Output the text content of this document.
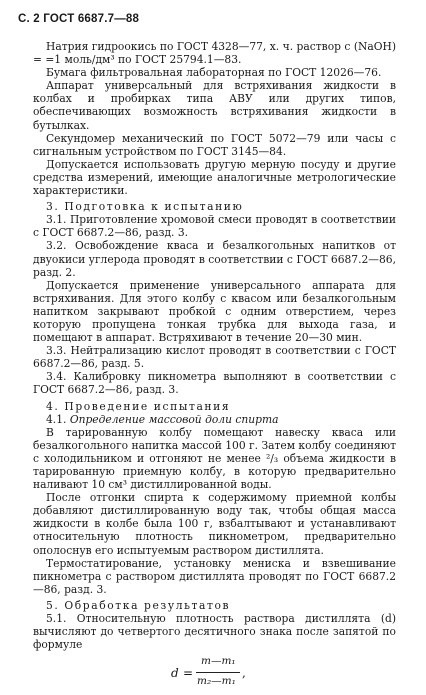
С. 2 ГОСТ 6687.7—88

Натрия гидроокись по ГОСТ 4328—77, х. ч. раствор c (NaOH) = =1 моль/дм³ по ГОСТ 25794.1—83.

Бумага фильтровальная лабораторная по ГОСТ 12026—76.

Аппарат универсальный для встряхивания жидкости в колбах и пробирках типа АВУ или других типов, обеспечивающих возможность встряхивания жидкости в бутылках.

Секундомер механический по ГОСТ 5072—79 или часы с сигнальным устройством по ГОСТ 3145—84.

Допускается использовать другую мерную посуду и другие средства измерений, имеющие аналогичные метрологические характеристики.

3. Подготовка к испытанию

3.1. Приготовление хромовой смеси проводят в соответствии с ГОСТ 6687.2—86, разд. 3.

3.2. Освобождение кваса и безалкогольных напитков от двуокиси углерода проводят в соответствии с ГОСТ 6687.2—86, разд. 2.

Допускается применение универсального аппарата для встряхивания. Для этого колбу с квасом или безалкогольным напитком закрывают пробкой с одним отверстием, через которую пропущена тонкая трубка для выхода газа, и помещают в аппарат. Встряхивают в течение 20—30 мин.

3.3. Нейтрализацию кислот проводят в соответствии с ГОСТ 6687.2—86, разд. 5.

3.4. Калибровку пикнометра выполняют в соответствии с ГОСТ 6687.2—86, разд. 3.

4. Проведение испытания

4.1. Определение массовой доли спирта

В тарированную колбу помещают навеску кваса или безалкогольного напитка массой 100 г. Затем колбу соединяют с холодильником и отгоняют не менее ²/₃ объема жидкости в тарированную приемную колбу, в которую предварительно наливают 10 см³ дистиллированной воды.

После отгонки спирта к содержимому приемной колбы добавляют дистиллированную воду так, чтобы общая масса жидкости в колбе была 100 г, взбалтывают и устанавливают относительную плотность пикнометром, предварительно ополоснув его испытуемым раствором дистиллята.

Термостатирование, установку мениска и взвешивание пикнометра с раствором дистиллята проводят по ГОСТ 6687.2—86, разд. 3.

5. Обработка результатов

5.1. Относительную плотность раствора дистиллята (d) вычисляют до четвертого десятичного знака после запятой по формуле

d =
m—m₁
m₂—m₁
,
